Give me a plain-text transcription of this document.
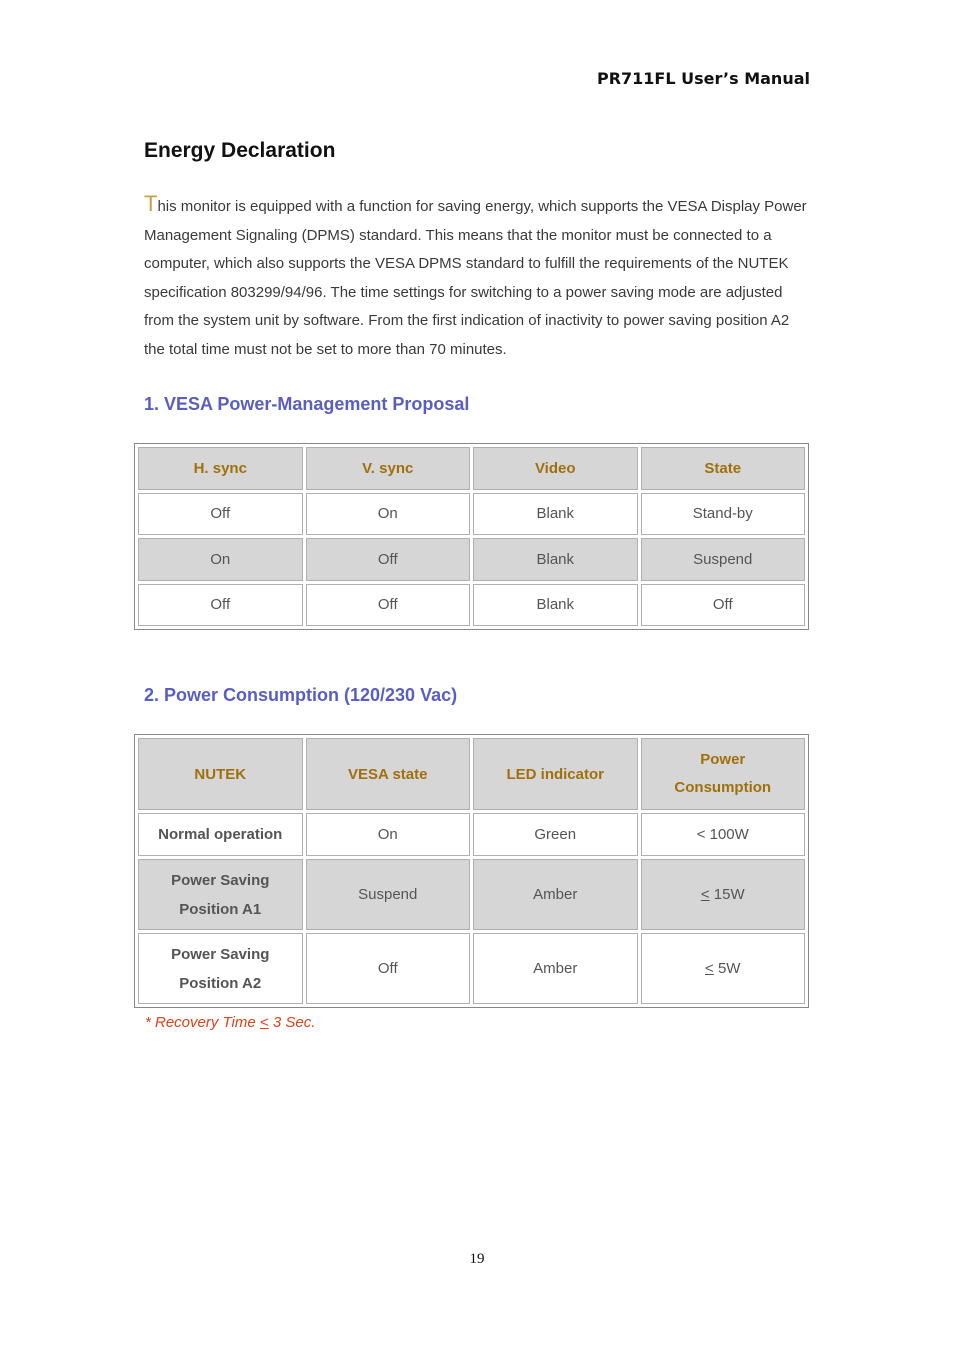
PR711FL User’s Manual
Energy Declaration

This monitor is equipped with a function for saving energy, which supports the VESA Display Power Management Signaling (DPMS) standard. This means that the monitor must be connected to a computer, which also supports the VESA DPMS standard to fulfill the requirements of the NUTEK specification 803299/94/96. The time settings for switching to a power saving mode are adjusted from the system unit by software. From the first indication of inactivity to power saving position A2 the total time must not be set to more than 70 minutes.

1. VESA Power-Management Proposal
H. sync	V. sync	Video	State
Off	On	Blank	Stand-by
On	Off	Blank	Suspend
Off	Off	Blank	Off
2. Power Consumption (120/230 Vac)
NUTEK	VESA state	LED indicator	Power Consumption
Normal operation	On	Green	< 100W
Power Saving Position A1	Suspend	Amber	< 15W
Power Saving Position A2	Off	Amber	< 5W
* Recovery Time < 3 Sec.
19
